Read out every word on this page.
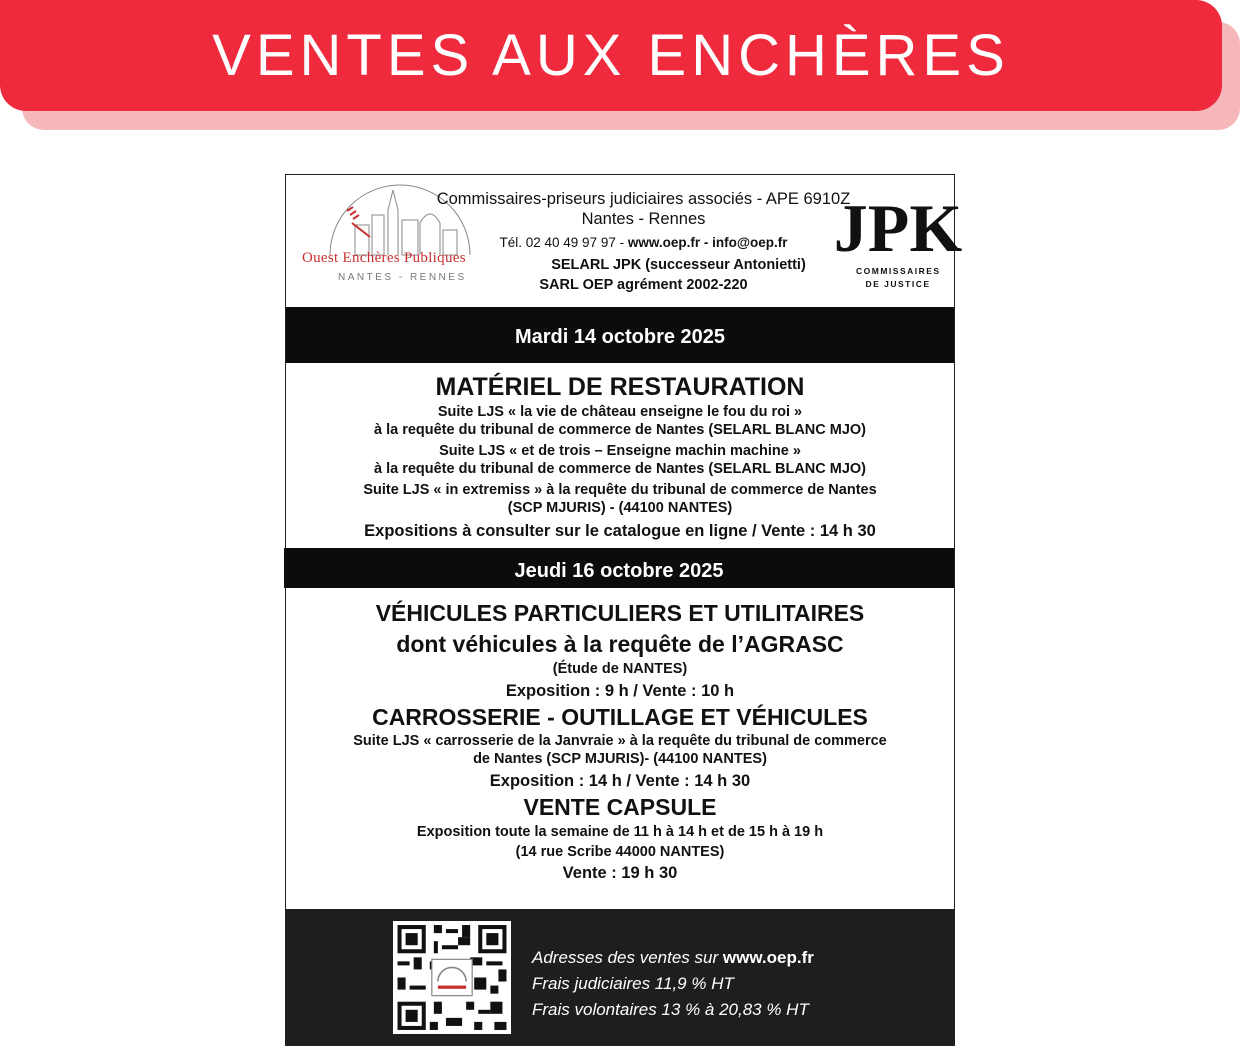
VENTES AUX ENCHÈRES
Ouest Enchères Publiques
NANTES - RENNES
Commissaires-priseurs judiciaires associés - APE 6910Z
Nantes - Rennes
Tél. 02 40 49 97 97 - www.oep.fr - info@oep.fr
SELARL JPK (successeur Antonietti)
SARL OEP agrément 2002-220
JPK
COMMISSAIRES
DE JUSTICE
Mardi 14 octobre 2025
MATÉRIEL DE RESTAURATION
Suite LJS « la vie de château enseigne le fou du roi »
à la requête du tribunal de commerce de Nantes (SELARL BLANC MJO)
Suite LJS « et de trois – Enseigne machin machine »
à la requête du tribunal de commerce de Nantes (SELARL BLANC MJO)
Suite LJS « in extremiss » à la requête du tribunal de commerce de Nantes
(SCP MJURIS) - (44100 NANTES)
Expositions à consulter sur le catalogue en ligne / Vente : 14 h 30
Jeudi 16 octobre 2025
VÉHICULES PARTICULIERS ET UTILITAIRES
dont véhicules à la requête de l’AGRASC
(Étude de NANTES)
Exposition : 9 h / Vente : 10 h
CARROSSERIE - OUTILLAGE ET VÉHICULES
Suite LJS « carrosserie de la Janvraie » à la requête du tribunal de commerce
de Nantes (SCP MJURIS)- (44100 NANTES)
Exposition : 14 h / Vente : 14 h 30
VENTE CAPSULE
Exposition toute la semaine de 11 h à 14 h et de 15 h à 19 h
(14 rue Scribe 44000 NANTES)
Vente : 19 h 30
Adresses des ventes sur www.oep.fr
Frais judiciaires 11,9 % HT
Frais volontaires 13 % à 20,83 % HT
